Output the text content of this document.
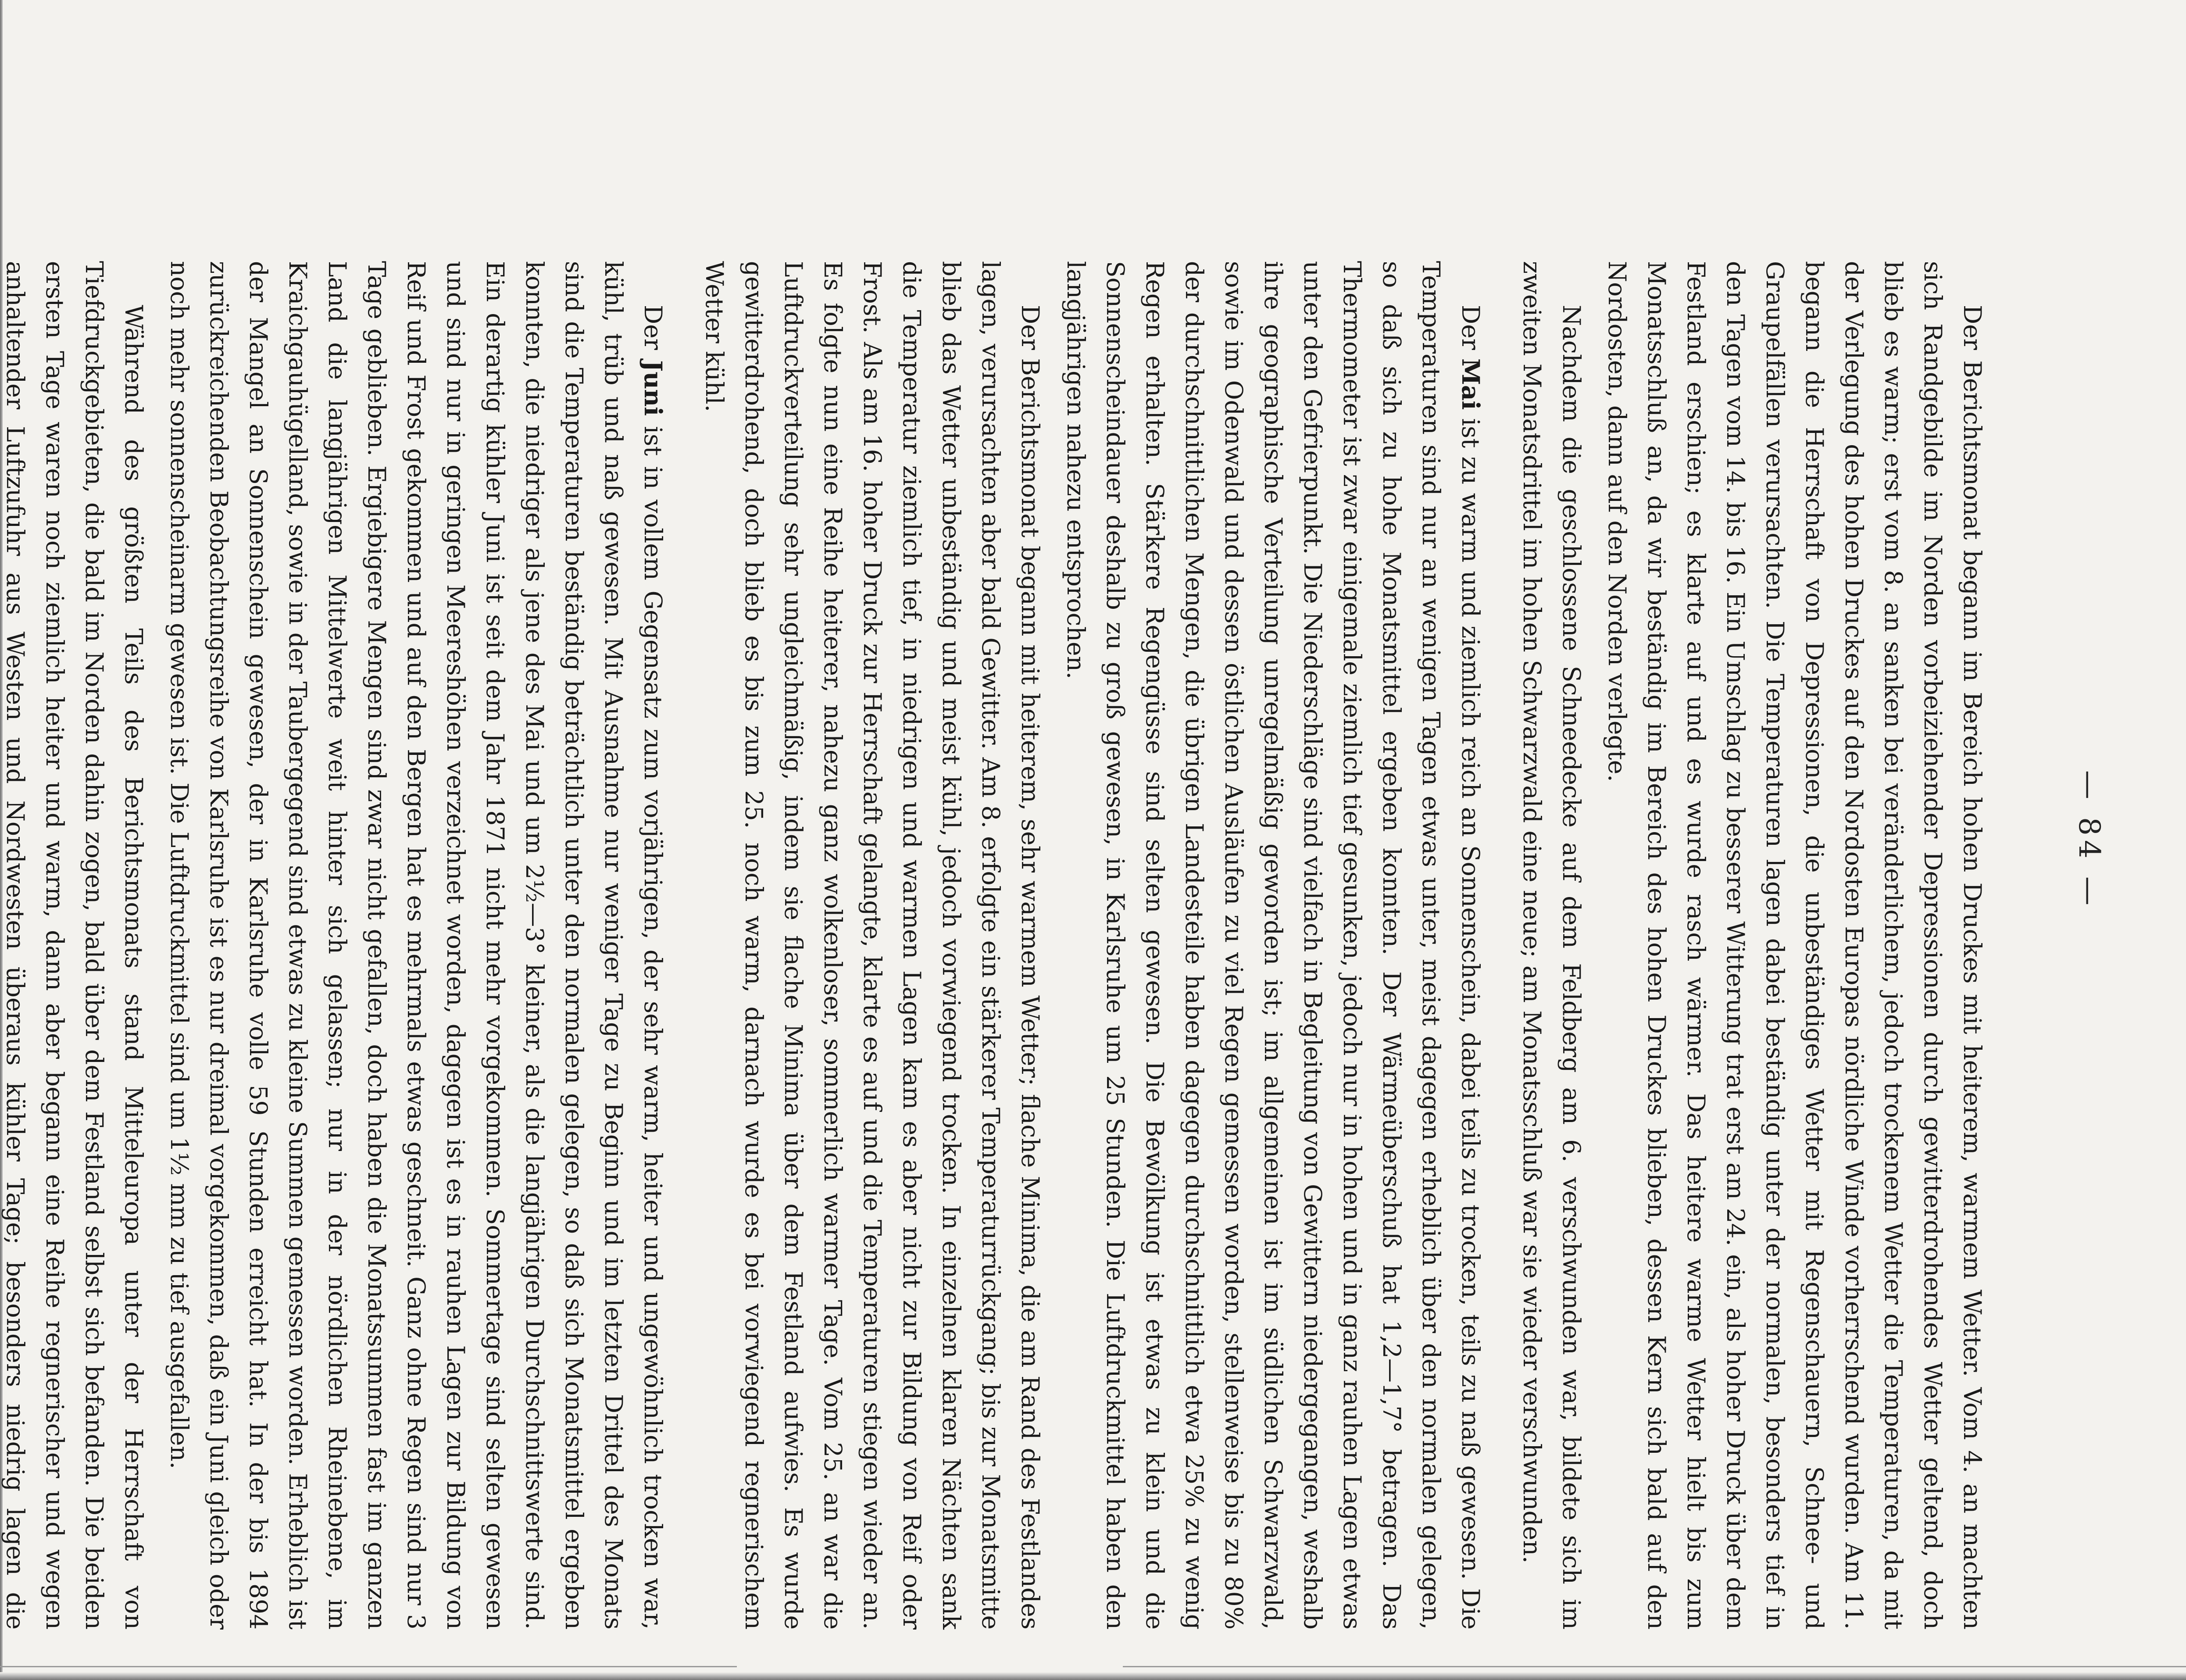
— 84 —

Der Berichtsmonat begann im Bereich hohen Druckes mit heiterem, warmem Wetter. Vom 4. an machten sich Randgebilde im Norden vorbeiziehender Depressionen durch gewitterdrohendes Wetter geltend, doch blieb es warm; erst vom 8. an sanken bei veränderlichem, jedoch trockenem Wetter die Temperaturen, da mit der Verlegung des hohen Druckes auf den Nordosten Europas nördliche Winde vorherrschend wurden. Am 11. begann die Herrschaft von Depressionen, die unbeständiges Wetter mit Regenschauern, Schnee- und Graupelfällen verursachten. Die Temperaturen lagen dabei beständig unter der normalen, besonders tief in den Tagen vom 14. bis 16. Ein Umschlag zu besserer Witterung trat erst am 24. ein, als hoher Druck über dem Festland erschien; es klarte auf und es wurde rasch wärmer. Das heitere warme Wetter hielt bis zum Monatsschluß an, da wir beständig im Bereich des hohen Druckes blieben, dessen Kern sich bald auf den Nordosten, dann auf den Norden verlegte.

Nachdem die geschlossene Schneedecke auf dem Feldberg am 6. verschwunden war, bildete sich im zweiten Monatsdrittel im hohen Schwarzwald eine neue; am Monatsschluß war sie wieder verschwunden.

Der Mai ist zu warm und ziemlich reich an Sonnenschein, dabei teils zu trocken, teils zu naß gewesen. Die Temperaturen sind nur an wenigen Tagen etwas unter, meist dagegen erheblich über den normalen gelegen, so daß sich zu hohe Monatsmittel ergeben konnten. Der Wärmeüberschuß hat 1,2—1,7° betragen. Das Thermometer ist zwar einigemale ziemlich tief gesunken, jedoch nur in hohen und in ganz rauhen Lagen etwas unter den Gefrierpunkt. Die Niederschläge sind vielfach in Begleitung von Gewittern niedergegangen, weshalb ihre geographische Verteilung unregelmäßig geworden ist; im allgemeinen ist im südlichen Schwarzwald, sowie im Odenwald und dessen östlichen Ausläufen zu viel Regen gemessen worden, stellenweise bis zu 80% der durchschnittlichen Mengen, die übrigen Landesteile haben dagegen durchschnittlich etwa 25% zu wenig Regen erhalten. Stärkere Regengüsse sind selten gewesen. Die Bewölkung ist etwas zu klein und die Sonnenscheindauer deshalb zu groß gewesen, in Karlsruhe um 25 Stunden. Die Luftdruckmittel haben den langjährigen nahezu entsprochen.

Der Berichtsmonat begann mit heiterem, sehr warmem Wetter; flache Minima, die am Rand des Festlandes lagen, verursachten aber bald Gewitter. Am 8. erfolgte ein stärkerer Temperaturrückgang; bis zur Monatsmitte blieb das Wetter unbeständig und meist kühl, jedoch vorwiegend trocken. In einzelnen klaren Nächten sank die Temperatur ziemlich tief, in niedrigen und warmen Lagen kam es aber nicht zur Bildung von Reif oder Frost. Als am 16. hoher Druck zur Herrschaft gelangte, klarte es auf und die Temperaturen stiegen wieder an. Es folgte nun eine Reihe heiterer, nahezu ganz wolkenloser, sommerlich warmer Tage. Vom 25. an war die Luftdruckverteilung sehr ungleichmäßig, indem sie flache Minima über dem Festland aufwies. Es wurde gewitterdrohend, doch blieb es bis zum 25. noch warm, darnach wurde es bei vorwiegend regnerischem Wetter kühl.

Der Juni ist in vollem Gegensatz zum vorjährigen, der sehr warm, heiter und ungewöhnlich trocken war, kühl, trüb und naß gewesen. Mit Ausnahme nur weniger Tage zu Beginn und im letzten Drittel des Monats sind die Temperaturen beständig beträchtlich unter den normalen gelegen, so daß sich Monatsmittel ergeben konnten, die niedriger als jene des Mai und um 2½—3° kleiner, als die langjährigen Durchschnittswerte sind. Ein derartig kühler Juni ist seit dem Jahr 1871 nicht mehr vorgekommen. Sommertage sind selten gewesen und sind nur in geringen Meereshöhen verzeichnet worden, dagegen ist es in rauhen Lagen zur Bildung von Reif und Frost gekommen und auf den Bergen hat es mehrmals etwas geschneit. Ganz ohne Regen sind nur 3 Tage geblieben. Ergiebigere Mengen sind zwar nicht gefallen, doch haben die Monatssummen fast im ganzen Land die langjährigen Mittelwerte weit hinter sich gelassen; nur in der nördlichen Rheinebene, im Kraichgauhügelland, sowie in der Taubergegend sind etwas zu kleine Summen gemessen worden. Erheblich ist der Mangel an Sonnenschein gewesen, der in Karlsruhe volle 59 Stunden erreicht hat. In der bis 1894 zurückreichenden Beobachtungsreihe von Karlsruhe ist es nur dreimal vorgekommen, daß ein Juni gleich oder noch mehr sonnenscheinarm gewesen ist. Die Luftdruckmittel sind um 1½ mm zu tief ausgefallen.

Während des größten Teils des Berichtsmonats stand Mitteleuropa unter der Herrschaft von Tiefdruckgebieten, die bald im Norden dahin zogen, bald über dem Festland selbst sich befanden. Die beiden ersten Tage waren noch ziemlich heiter und warm, dann aber begann eine Reihe regnerischer und wegen anhaltender Luftzufuhr aus Westen und Nordwesten überaus kühler Tage; besonders niedrig lagen die
